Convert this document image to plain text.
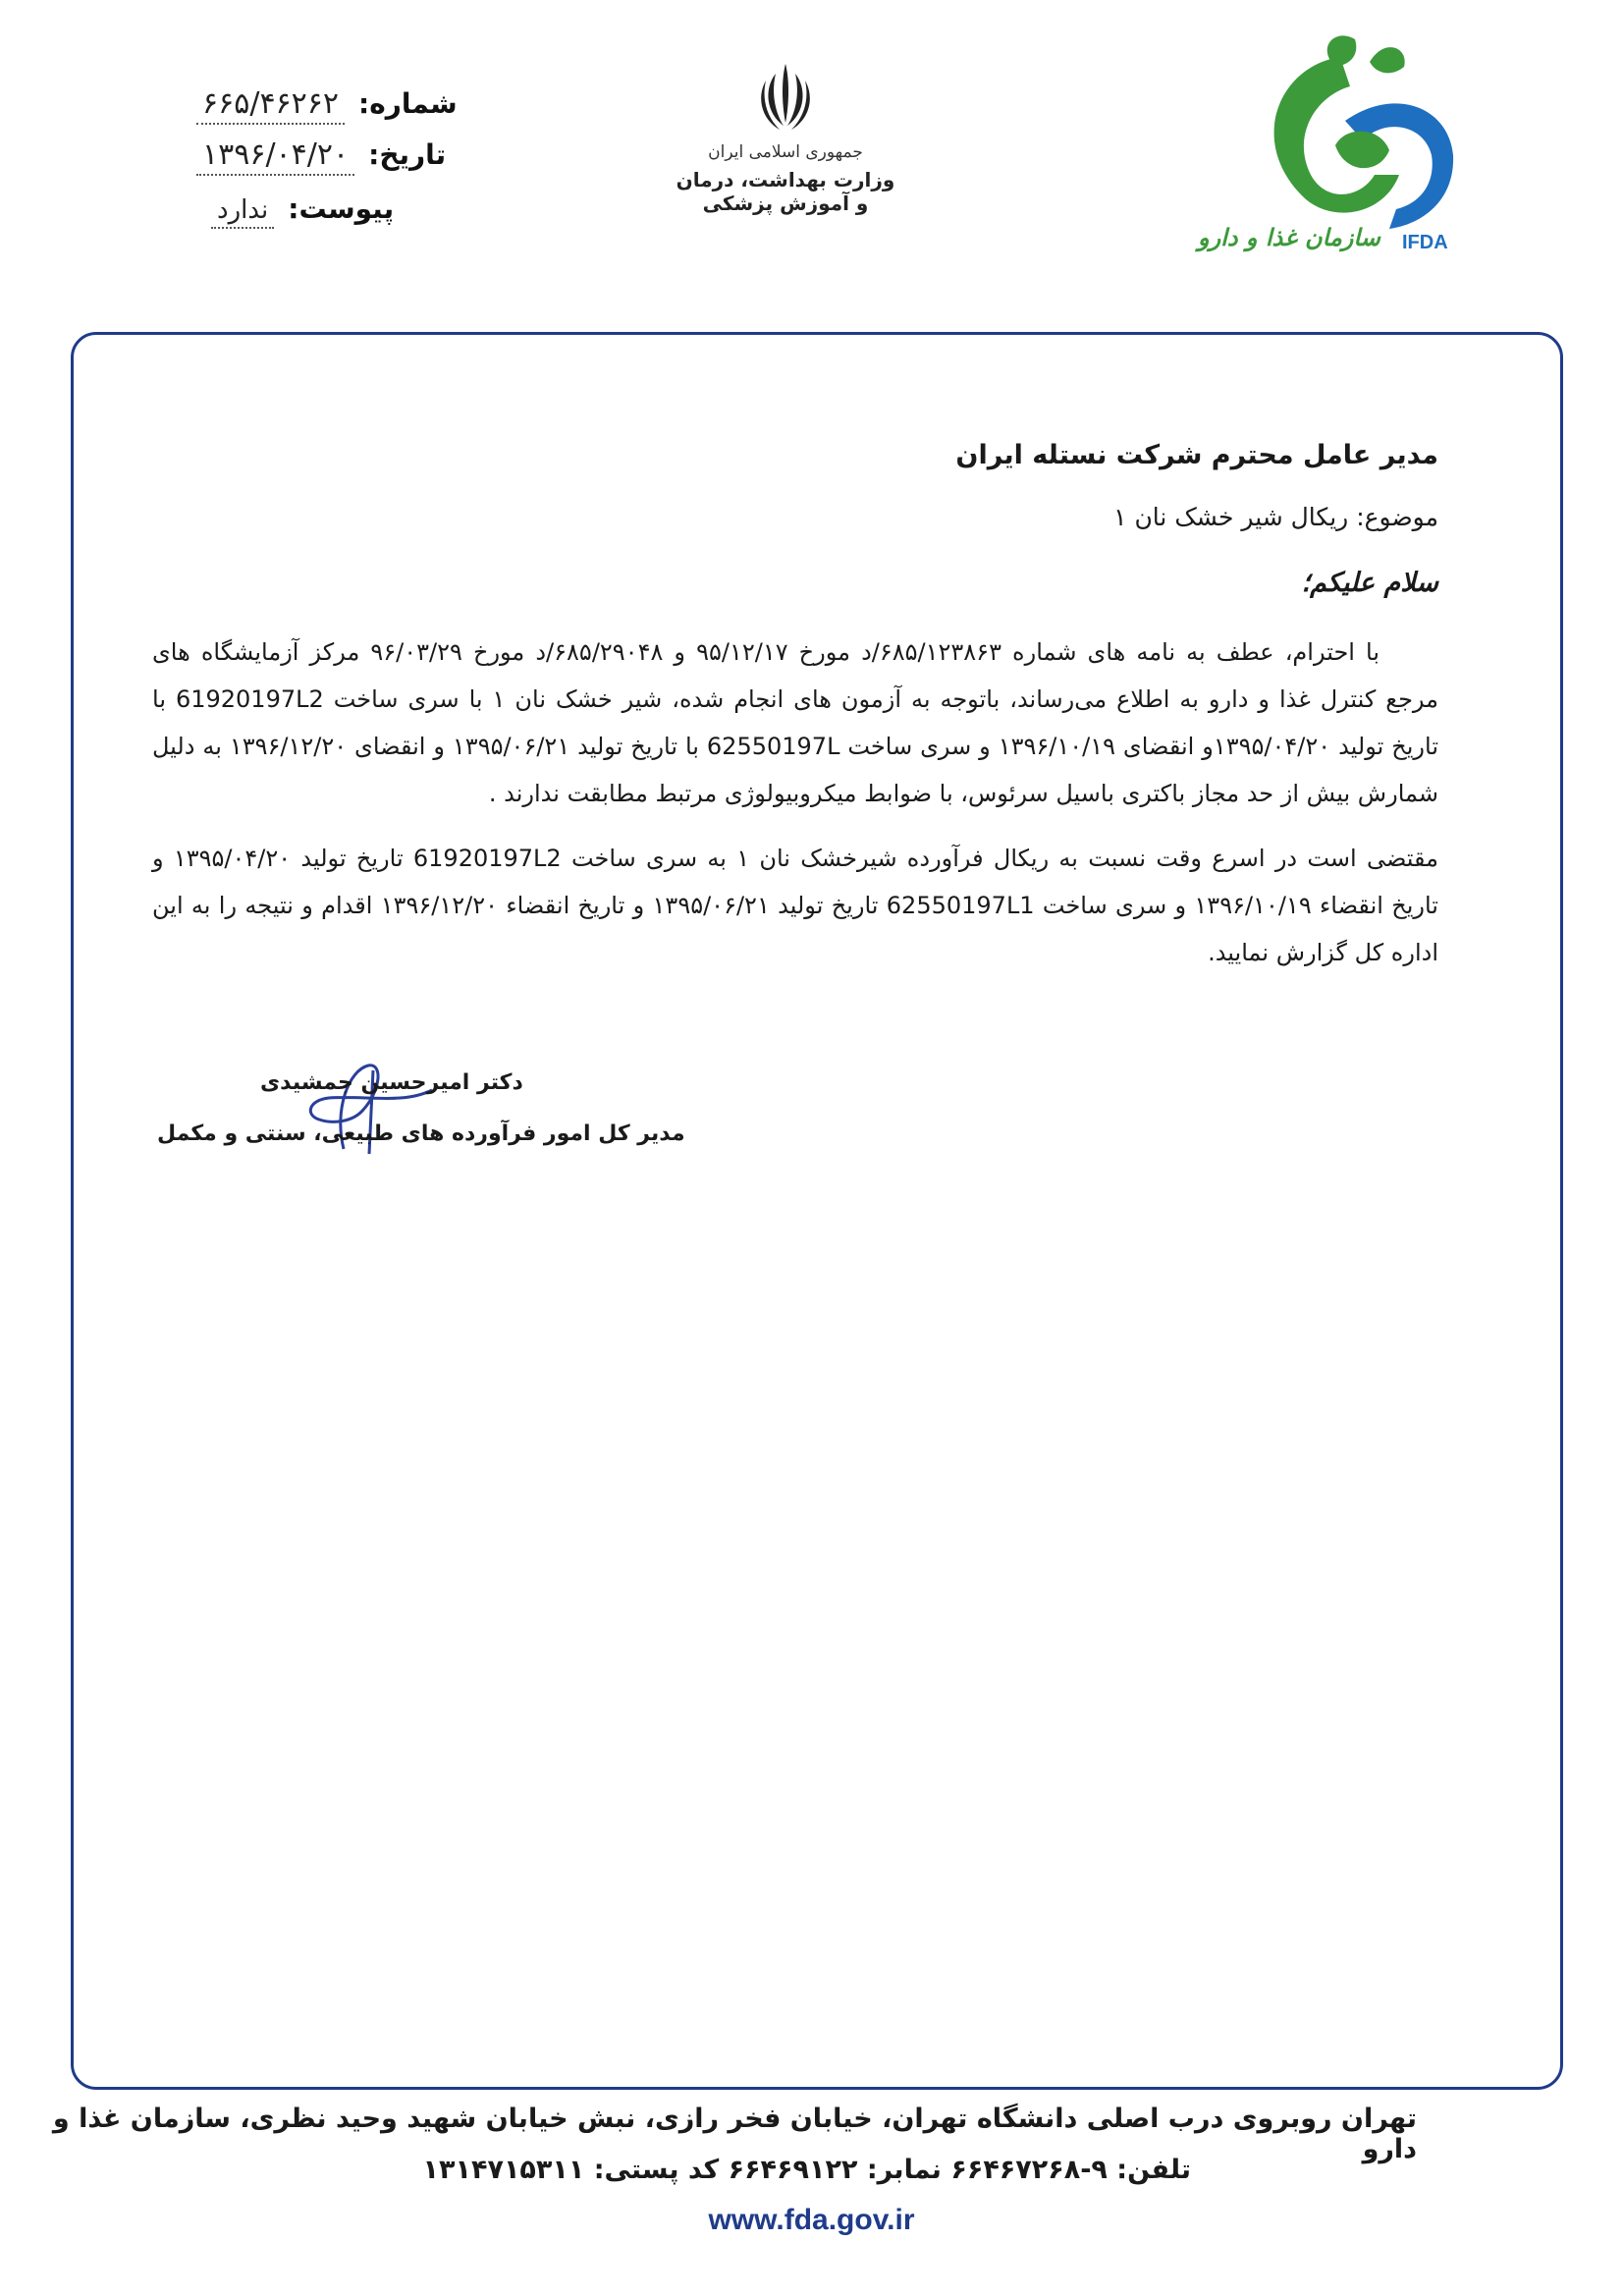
سازمان غذا و دارو IFDA
جمهوری اسلامی ایران
وزارت بهداشت، درمان
و آموزش پزشکی
شماره:
۶۶۵/۴۶۲۶۲
تاریخ:
۱۳۹۶/۰۴/۲۰
پیوست:
ندارد
مدیر عامل محترم شرکت نستله ایران
موضوع: ریکال شیر خشک نان ۱
سلام علیکم؛
با احترام، عطف به نامه های شماره ۶۸۵/۱۲۳۸۶۳/د مورخ ۹۵/۱۲/۱۷ و ۶۸۵/۲۹۰۴۸/د مورخ ۹۶/۰۳/۲۹ مرکز آزمایشگاه های مرجع کنترل غذا و دارو به اطلاع می‌رساند، باتوجه به آزمون های انجام شده، شیر خشک نان ۱ با سری ساخت 61920197L2 با تاریخ تولید ۱۳۹۵/۰۴/۲۰و انقضای ۱۳۹۶/۱۰/۱۹ و سری ساخت 62550197L با تاریخ تولید ۱۳۹۵/۰۶/۲۱ و انقضای ۱۳۹۶/۱۲/۲۰ به دلیل شمارش بیش از حد مجاز باکتری باسیل سرئوس، با ضوابط میکروبیولوژی مرتبط مطابقت ندارند .
مقتضی است در اسرع وقت نسبت به ریکال فرآورده شیرخشک نان ۱ به سری ساخت 61920197L2 تاریخ تولید ۱۳۹۵/۰۴/۲۰ و تاریخ انقضاء ۱۳۹۶/۱۰/۱۹ و سری ساخت 62550197L1 تاریخ تولید ۱۳۹۵/۰۶/۲۱ و تاریخ انقضاء ۱۳۹۶/۱۲/۲۰ اقدام و نتیجه را به این اداره کل گزارش نمایید.
دکتر امیرحسین جمشیدی
مدیر کل امور فرآورده های طبیعی، سنتی و مکمل
تهران روبروی درب اصلی دانشگاه تهران، خیابان فخر رازی، نبش خیابان شهید وحید نظری، سازمان غذا و دارو
تلفن: ۹-۶۶۴۶۷۲۶۸ نمابر: ۶۶۴۶۹۱۲۲ کد پستی: ۱۳۱۴۷۱۵۳۱۱
www.fda.gov.ir
